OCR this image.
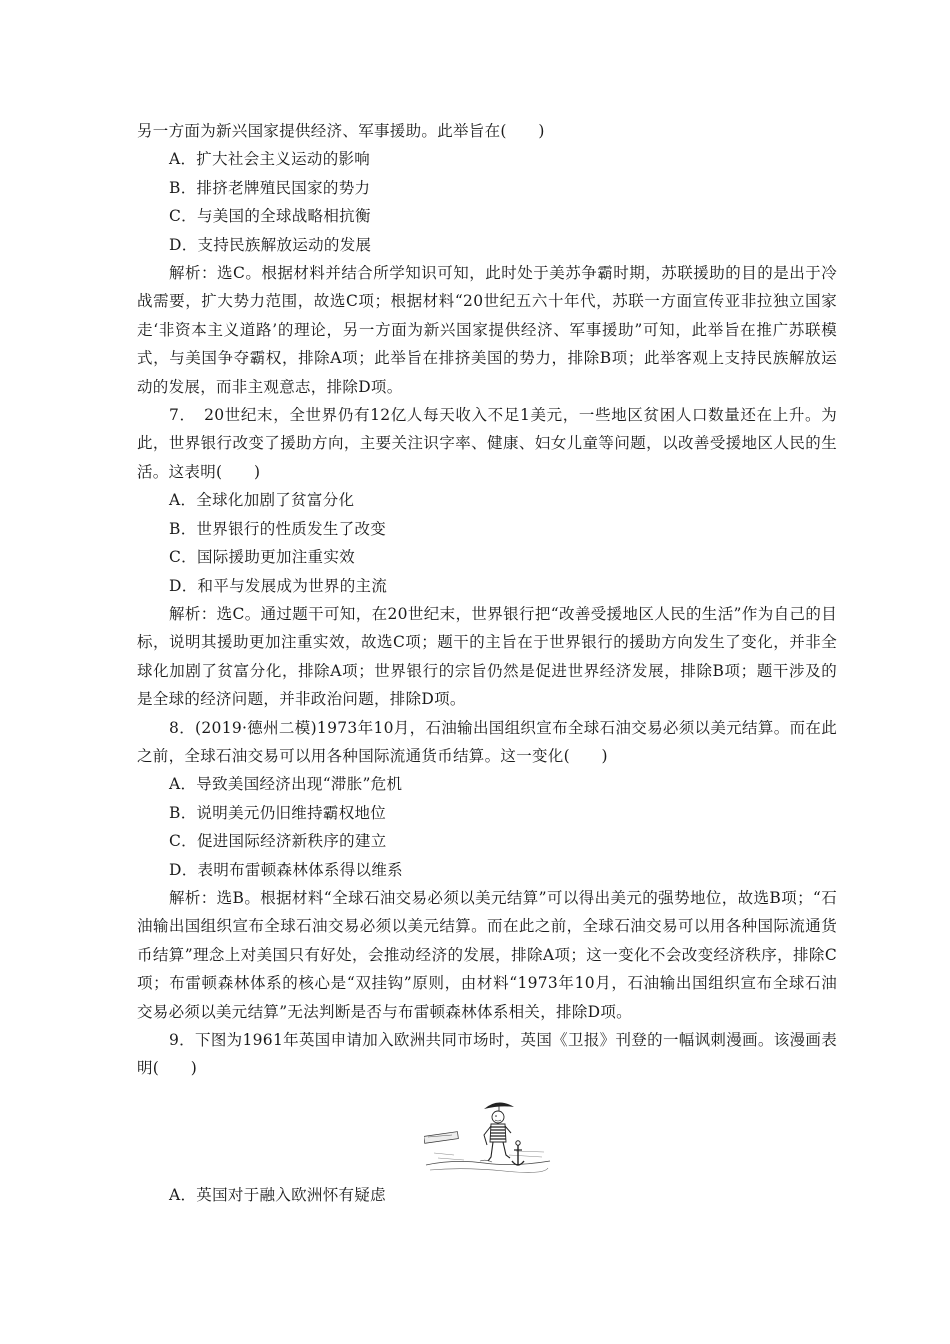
另一方面为新兴国家提供经济、军事援助。此举旨在(　　)

A．扩大社会主义运动的影响

B．排挤老牌殖民国家的势力

C．与美国的全球战略相抗衡

D．支持民族解放运动的发展

解析：选C。根据材料并结合所学知识可知，此时处于美苏争霸时期，苏联援助的目的是出于冷战需要，扩大势力范围，故选C项；根据材料“20世纪五六十年代，苏联一方面宣传亚非拉独立国家走‘非资本主义道路’的理论，另一方面为新兴国家提供经济、军事援助”可知，此举旨在推广苏联模式，与美国争夺霸权，排除A项；此举旨在排挤美国的势力，排除B项；此举客观上支持民族解放运动的发展，而非主观意志，排除D项。

7．　20世纪末，全世界仍有12亿人每天收入不足1美元，一些地区贫困人口数量还在上升。为此，世界银行改变了援助方向，主要关注识字率、健康、妇女儿童等问题，以改善受援地区人民的生活。这表明(　　)

A．全球化加剧了贫富分化

B．世界银行的性质发生了改变

C．国际援助更加注重实效

D．和平与发展成为世界的主流

解析：选C。通过题干可知，在20世纪末，世界银行把“改善受援地区人民的生活”作为自己的目标，说明其援助更加注重实效，故选C项；题干的主旨在于世界银行的援助方向发生了变化，并非全球化加剧了贫富分化，排除A项；世界银行的宗旨仍然是促进世界经济发展，排除B项；题干涉及的是全球的经济问题，并非政治问题，排除D项。

8．(2019·德州二模)1973年10月，石油输出国组织宣布全球石油交易必须以美元结算。而在此之前，全球石油交易可以用各种国际流通货币结算。这一变化(　　)

A．导致美国经济出现“滞胀”危机

B．说明美元仍旧维持霸权地位

C．促进国际经济新秩序的建立

D．表明布雷顿森林体系得以维系

解析：选B。根据材料“全球石油交易必须以美元结算”可以得出美元的强势地位，故选B项；“石油输出国组织宣布全球石油交易必须以美元结算。而在此之前，全球石油交易可以用各种国际流通货币结算”理念上对美国只有好处，会推动经济的发展，排除A项；这一变化不会改变经济秩序，排除C项；布雷顿森林体系的核心是“双挂钩”原则，由材料“1973年10月，石油输出国组织宣布全球石油交易必须以美元结算”无法判断是否与布雷顿森林体系相关，排除D项。

9．下图为1961年英国申请加入欧洲共同市场时，英国《卫报》刊登的一幅讽刺漫画。该漫画表明(　　)

A．英国对于融入欧洲怀有疑虑
